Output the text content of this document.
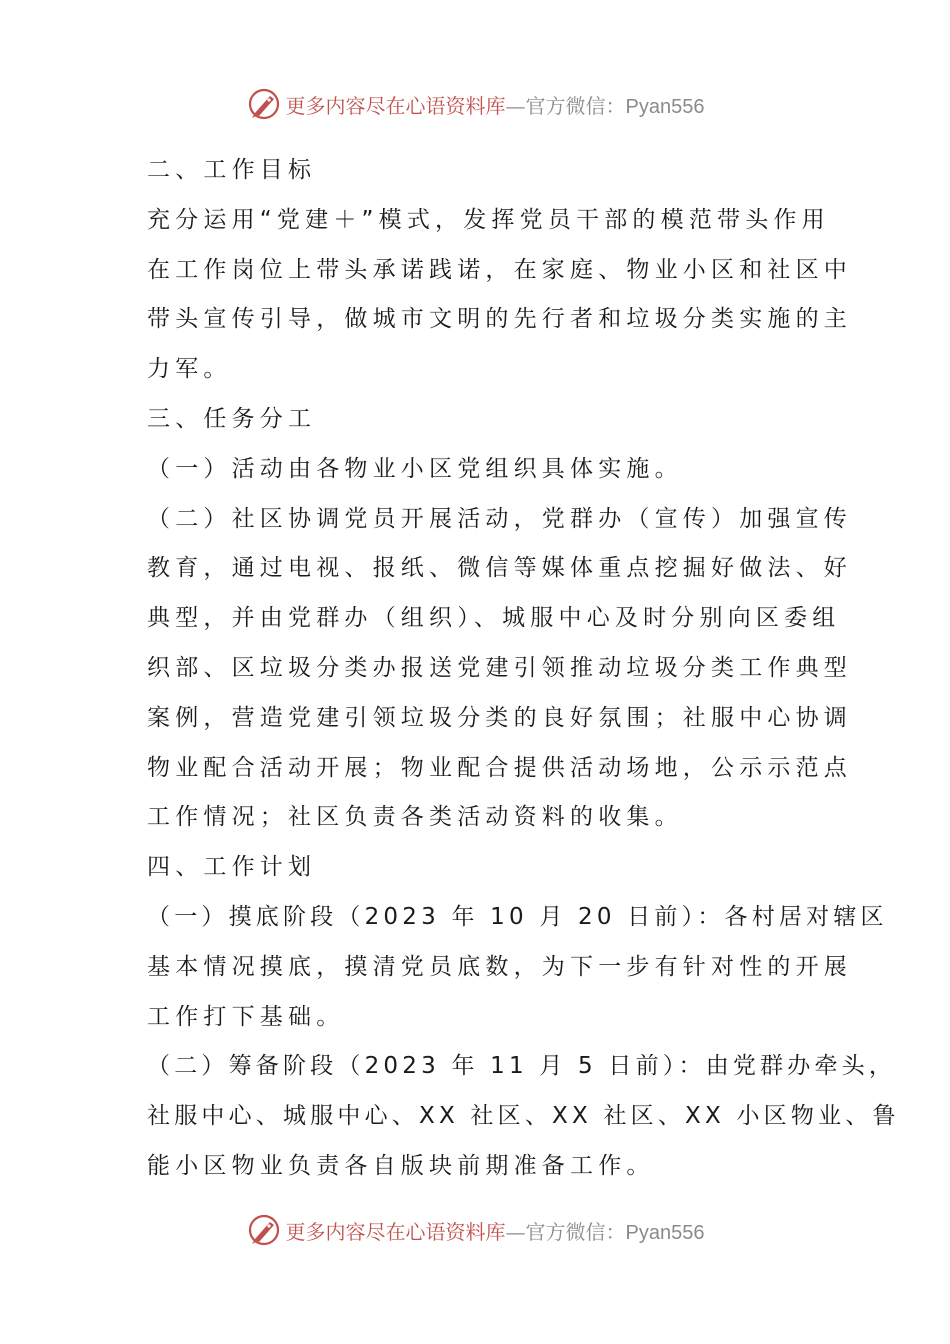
更多内容尽在心语资料库—官方微信：Pyan556
二、工作目标
充分运用“党建＋”模式，发挥党员干部的模范带头作用
在工作岗位上带头承诺践诺，在家庭、物业小区和社区中
带头宣传引导，做城市文明的先行者和垃圾分类实施的主
力军。
三、任务分工
（一）活动由各物业小区党组织具体实施。
（二）社区协调党员开展活动，党群办（宣传）加强宣传
教育，通过电视、报纸、微信等媒体重点挖掘好做法、好
典型，并由党群办（组织）、城服中心及时分别向区委组
织部、区垃圾分类办报送党建引领推动垃圾分类工作典型
案例，营造党建引领垃圾分类的良好氛围；社服中心协调
物业配合活动开展；物业配合提供活动场地，公示示范点
工作情况；社区负责各类活动资料的收集。
四、工作计划
（一）摸底阶段（2023 年 10 月 20 日前）：各村居对辖区
基本情况摸底，摸清党员底数，为下一步有针对性的开展
工作打下基础。
（二）筹备阶段（2023 年 11 月 5 日前）：由党群办牵头，
社服中心、城服中心、XX 社区、XX 社区、XX 小区物业、鲁
能小区物业负责各自版块前期准备工作。
更多内容尽在心语资料库—官方微信：Pyan556
